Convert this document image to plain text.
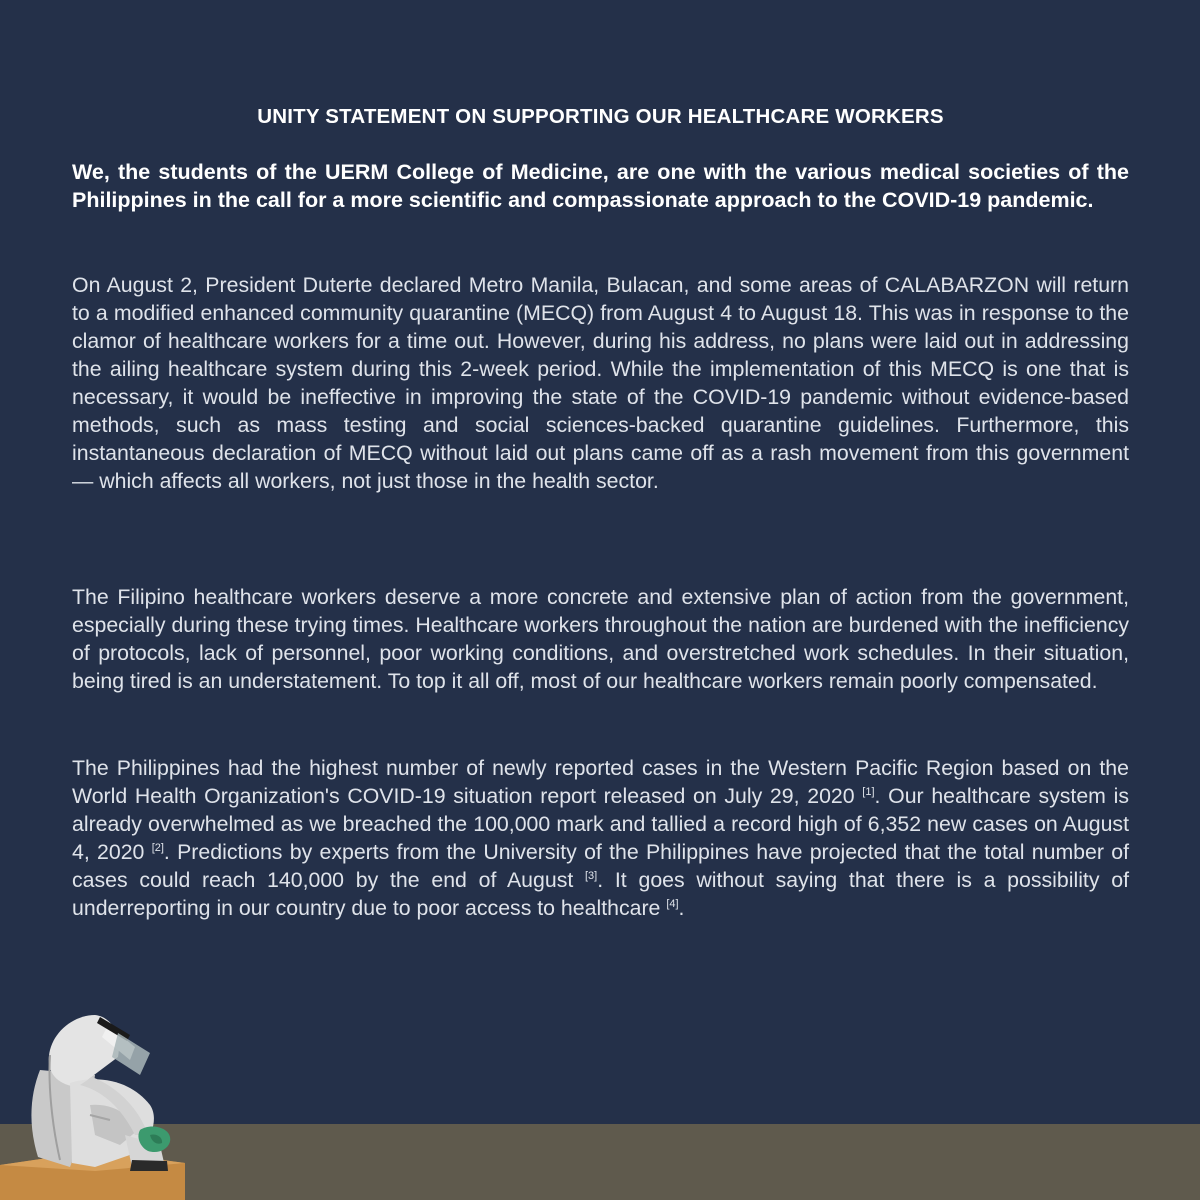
UNITY STATEMENT ON SUPPORTING OUR HEALTHCARE WORKERS

We, the students of the UERM College of Medicine, are one with the various medical societies of the Philippines in the call for a more scientific and compassionate approach to the COVID-19 pandemic.

On August 2, President Duterte declared Metro Manila, Bulacan, and some areas of CALABARZON will return to a modified enhanced community quarantine (MECQ) from August 4 to August 18. This was in response to the clamor of healthcare workers for a time out. However, during his address, no plans were laid out in addressing the ailing healthcare system during this 2-week period. While the implementation of this MECQ is one that is necessary, it would be ineffective in improving the state of the COVID-19 pandemic without evidence-based methods, such as mass testing and social sciences-backed quarantine guidelines. Furthermore, this instantaneous declaration of MECQ without laid out plans came off as a rash movement from this government — which affects all workers, not just those in the health sector.

The Filipino healthcare workers deserve a more concrete and extensive plan of action from the government, especially during these trying times. Healthcare workers throughout the nation are burdened with the inefficiency of protocols, lack of personnel, poor working conditions, and overstretched work schedules. In their situation, being tired is an understatement. To top it all off, most of our healthcare workers remain poorly compensated.

The Philippines had the highest number of newly reported cases in the Western Pacific Region based on the World Health Organization's COVID-19 situation report released on July 29, 2020 [1]. Our healthcare system is already overwhelmed as we breached the 100,000 mark and tallied a record high of 6,352 new cases on August 4, 2020 [2]. Predictions by experts from the University of the Philippines have projected that the total number of cases could reach 140,000 by the end of August [3]. It goes without saying that there is a possibility of underreporting in our country due to poor access to healthcare [4].
